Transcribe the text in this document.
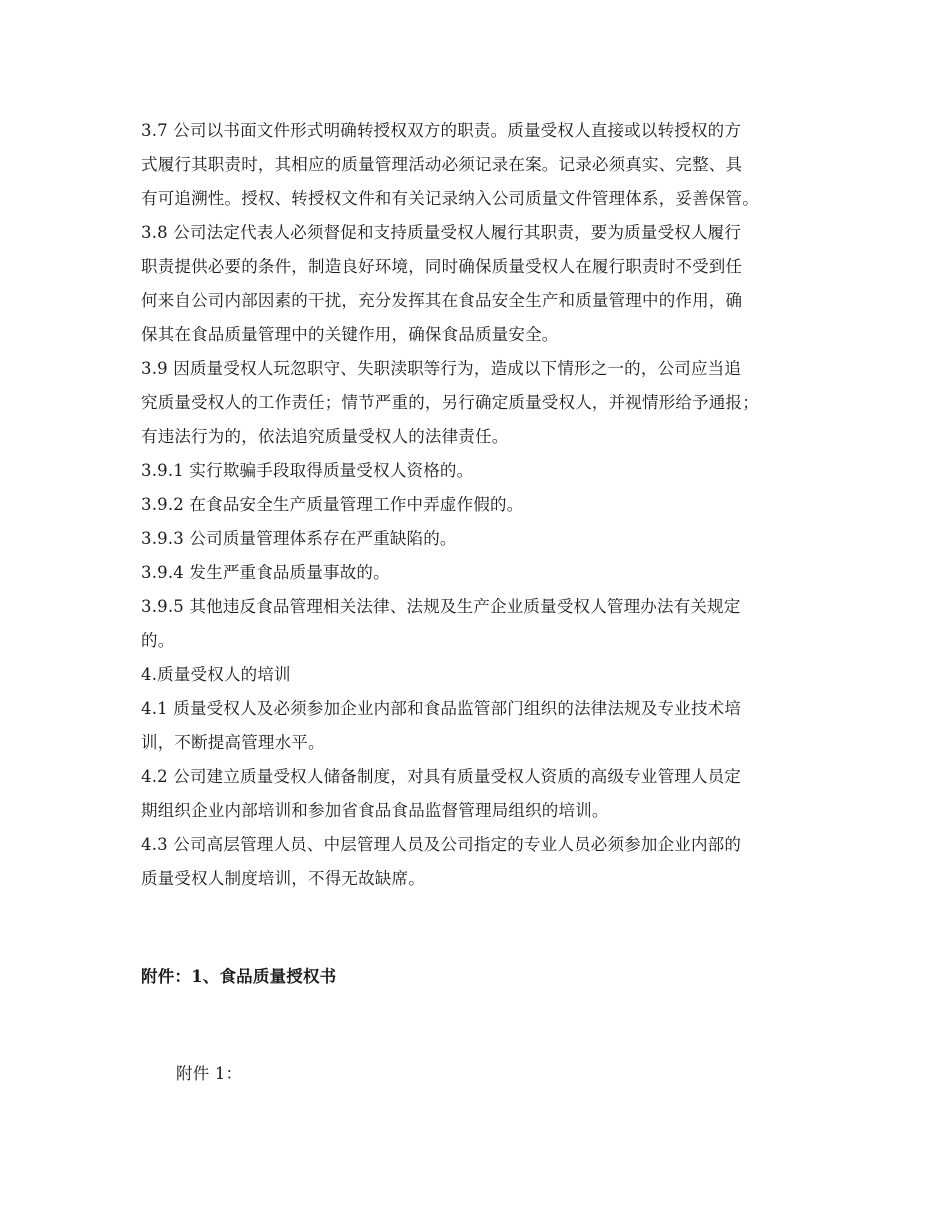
3.7 公司以书面文件形式明确转授权双方的职责。质量受权人直接或以转授权的方
式履行其职责时，其相应的质量管理活动必须记录在案。记录必须真实、完整、具
有可追溯性。授权、转授权文件和有关记录纳入公司质量文件管理体系，妥善保管。
3.8 公司法定代表人必须督促和支持质量受权人履行其职责，要为质量受权人履行
职责提供必要的条件，制造良好环境，同时确保质量受权人在履行职责时不受到任
何来自公司内部因素的干扰，充分发挥其在食品安全生产和质量管理中的作用，确
保其在食品质量管理中的关键作用，确保食品质量安全。
3.9 因质量受权人玩忽职守、失职渎职等行为，造成以下情形之一的，公司应当追
究质量受权人的工作责任；情节严重的，另行确定质量受权人，并视情形给予通报；
有违法行为的，依法追究质量受权人的法律责任。
3.9.1 实行欺骗手段取得质量受权人资格的。
3.9.2 在食品安全生产质量管理工作中弄虚作假的。
3.9.3 公司质量管理体系存在严重缺陷的。
3.9.4 发生严重食品质量事故的。
3.9.5 其他违反食品管理相关法律、法规及生产企业质量受权人管理办法有关规定
的。
4.质量受权人的培训
4.1 质量受权人及必须参加企业内部和食品监管部门组织的法律法规及专业技术培
训，不断提高管理水平。
4.2 公司建立质量受权人储备制度，对具有质量受权人资质的高级专业管理人员定
期组织企业内部培训和参加省食品食品监督管理局组织的培训。
4.3 公司高层管理人员、中层管理人员及公司指定的专业人员必须参加企业内部的
质量受权人制度培训，不得无故缺席。
附件：1、食品质量授权书
附件 1：
